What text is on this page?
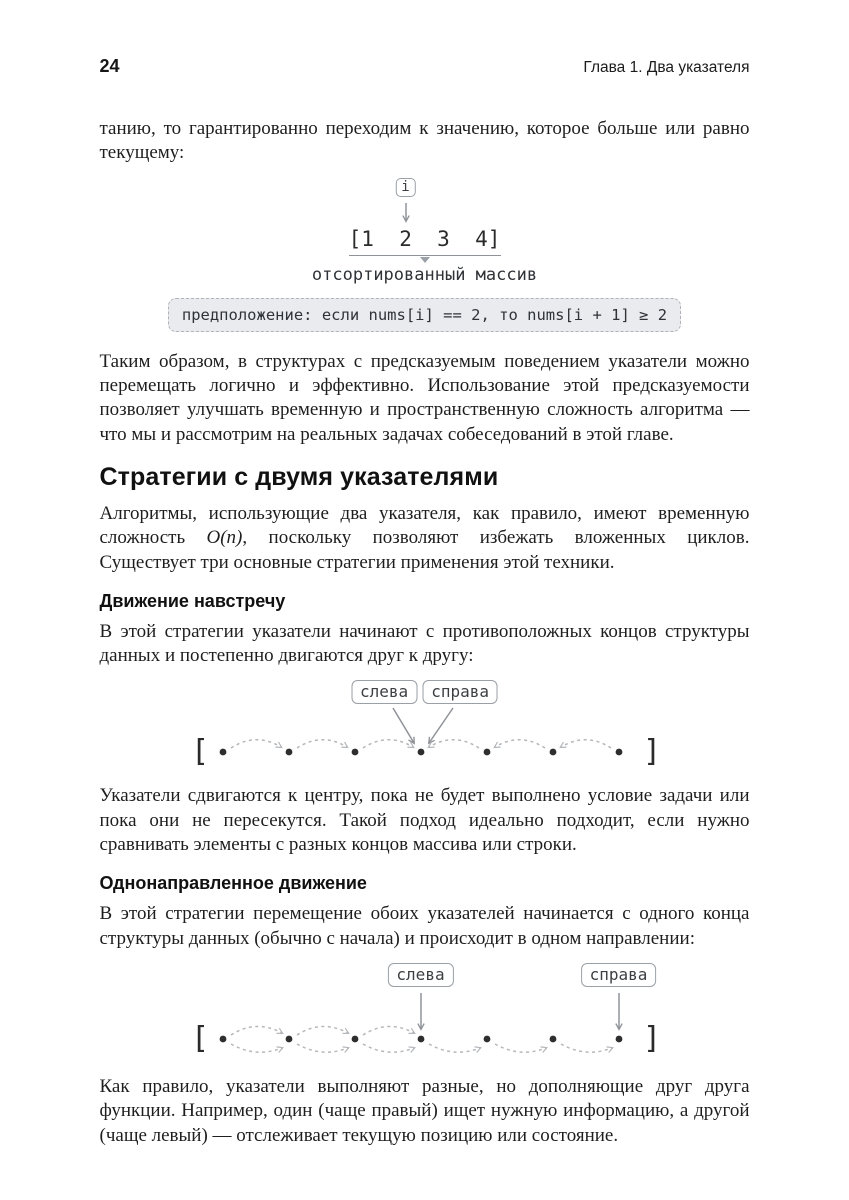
24	Глава 1. Два указателя

танию, то гарантированно переходим к значению, которое больше или равно текущему:

i
[1  2  3  4]
отсортированный массив
предположение: если nums[i] == 2, то nums[i + 1] ≥ 2

Таким образом, в структурах с предсказуемым поведением указатели можно перемещать логично и эффективно. Использование этой предсказуемости позволяет улучшать временную и пространственную сложность алгоритма — что мы и рассмотрим на реальных задачах собеседований в этой главе.

Стратегии с двумя указателями

Алгоритмы, использующие два указателя, как правило, имеют временную сложность O(n), поскольку позволяют избежать вложенных циклов. Существует три основные стратегии применения этой техники.

Движение навстречу

В этой стратегии указатели начинают с противоположных концов структуры данных и постепенно двигаются друг к другу:

слева	справа
[	]

Указатели сдвигаются к центру, пока не будет выполнено условие задачи или пока они не пересекутся. Такой подход идеально подходит, если нужно сравнивать элементы с разных концов массива или строки.

Однонаправленное движение

В этой стратегии перемещение обоих указателей начинается с одного конца структуры данных (обычно с начала) и происходит в одном направлении:

слева	справа
[	]

Как правило, указатели выполняют разные, но дополняющие друг друга функции. Например, один (чаще правый) ищет нужную информацию, а другой (чаще левый) — отслеживает текущую позицию или состояние.
